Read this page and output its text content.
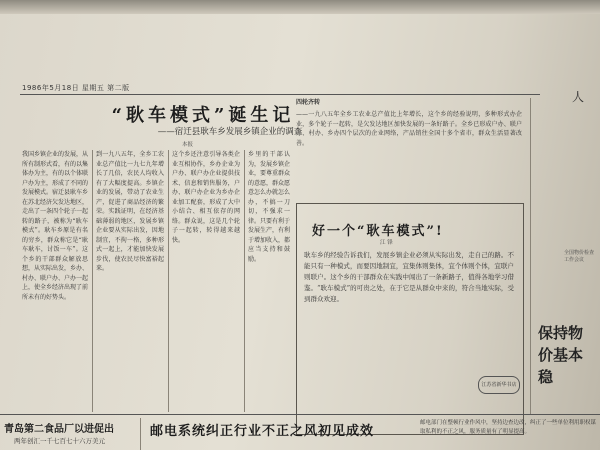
1986年5月18日 星期五 第二版
人
“耿车模式”诞生记
——宿迁县耿车乡发展乡镇企业的调查
本报
我国乡镇企业的发展，从所有制形式看，有的以集体办为主，有的以个体联户办为主，形成了不同的发展模式。宿迁县耿车乡在苏北经济欠发达地区，走出了一条四个轮子一起转的路子，被称为“耿车模式”。耿车乡原是有名的穷乡，群众称它是“耿车耿车，讨饭一车”。这个乡的干部群众解放思想，从实际出发，乡办、村办、联户办、户办一起上，使全乡经济出现了前所未有的好势头。
到一九八五年，全乡工农业总产值比一九七九年增长了几倍，农民人均收入有了大幅度提高。乡镇企业的发展，带动了农业生产，促进了商品经济的繁荣。实践证明，在经济基础薄弱的地区，发展乡镇企业要从实际出发，因地制宜，不拘一格，多种形式一起上，才能加快发展步伐，使农民尽快富裕起来。
这个乡还注意引导各类企业互相协作，乡办企业为户办、联户办企业提供技术、信息和销售服务，户办、联户办企业为乡办企业加工配套，形成了大中小结合、相互依存的网络。群众说，这是几个轮子一起转，转得越来越快。
乡里的干部认为，发展乡镇企业，要尊重群众的意愿，群众愿意怎么办就怎么办，不搞一刀切，不强求一律。只要有利于发展生产，有利于增加收入，都应当支持和鼓励。
四轮齐转
——一九八五年全乡工农业总产值比上年增长，这个乡的经验说明，多种形式办企业，多个轮子一起转，是欠发达地区加快发展的一条好路子。全乡已形成户办、联户办、村办、乡办四个层次的企业网络，产品销往全国十多个省市，群众生活显著改善。
好一个“耿车模式”!
江 锋
耿车乡的经验告诉我们，发展乡镇企业必须从实际出发，走自己的路。不能只有一种模式，而要因地制宜，宜集体则集体，宜个体则个体，宜联户则联户。这个乡的干部群众在实践中闯出了一条新路子，值得各地学习借鉴。“耿车模式”的可贵之处，在于它是从群众中来的，符合当地实际，受到群众欢迎。
江苏省新华书店
全国物价检查工作会议
保持物价基本稳
青岛第二食品厂以进促出
两年创汇一千七百七十六万美元
邮电系统纠正行业不正之风初见成效
邮电部门在整顿行业作风中，坚持边查边改，纠正了一些单位利用职权谋取私利的不正之风，服务质量有了明显提高。
